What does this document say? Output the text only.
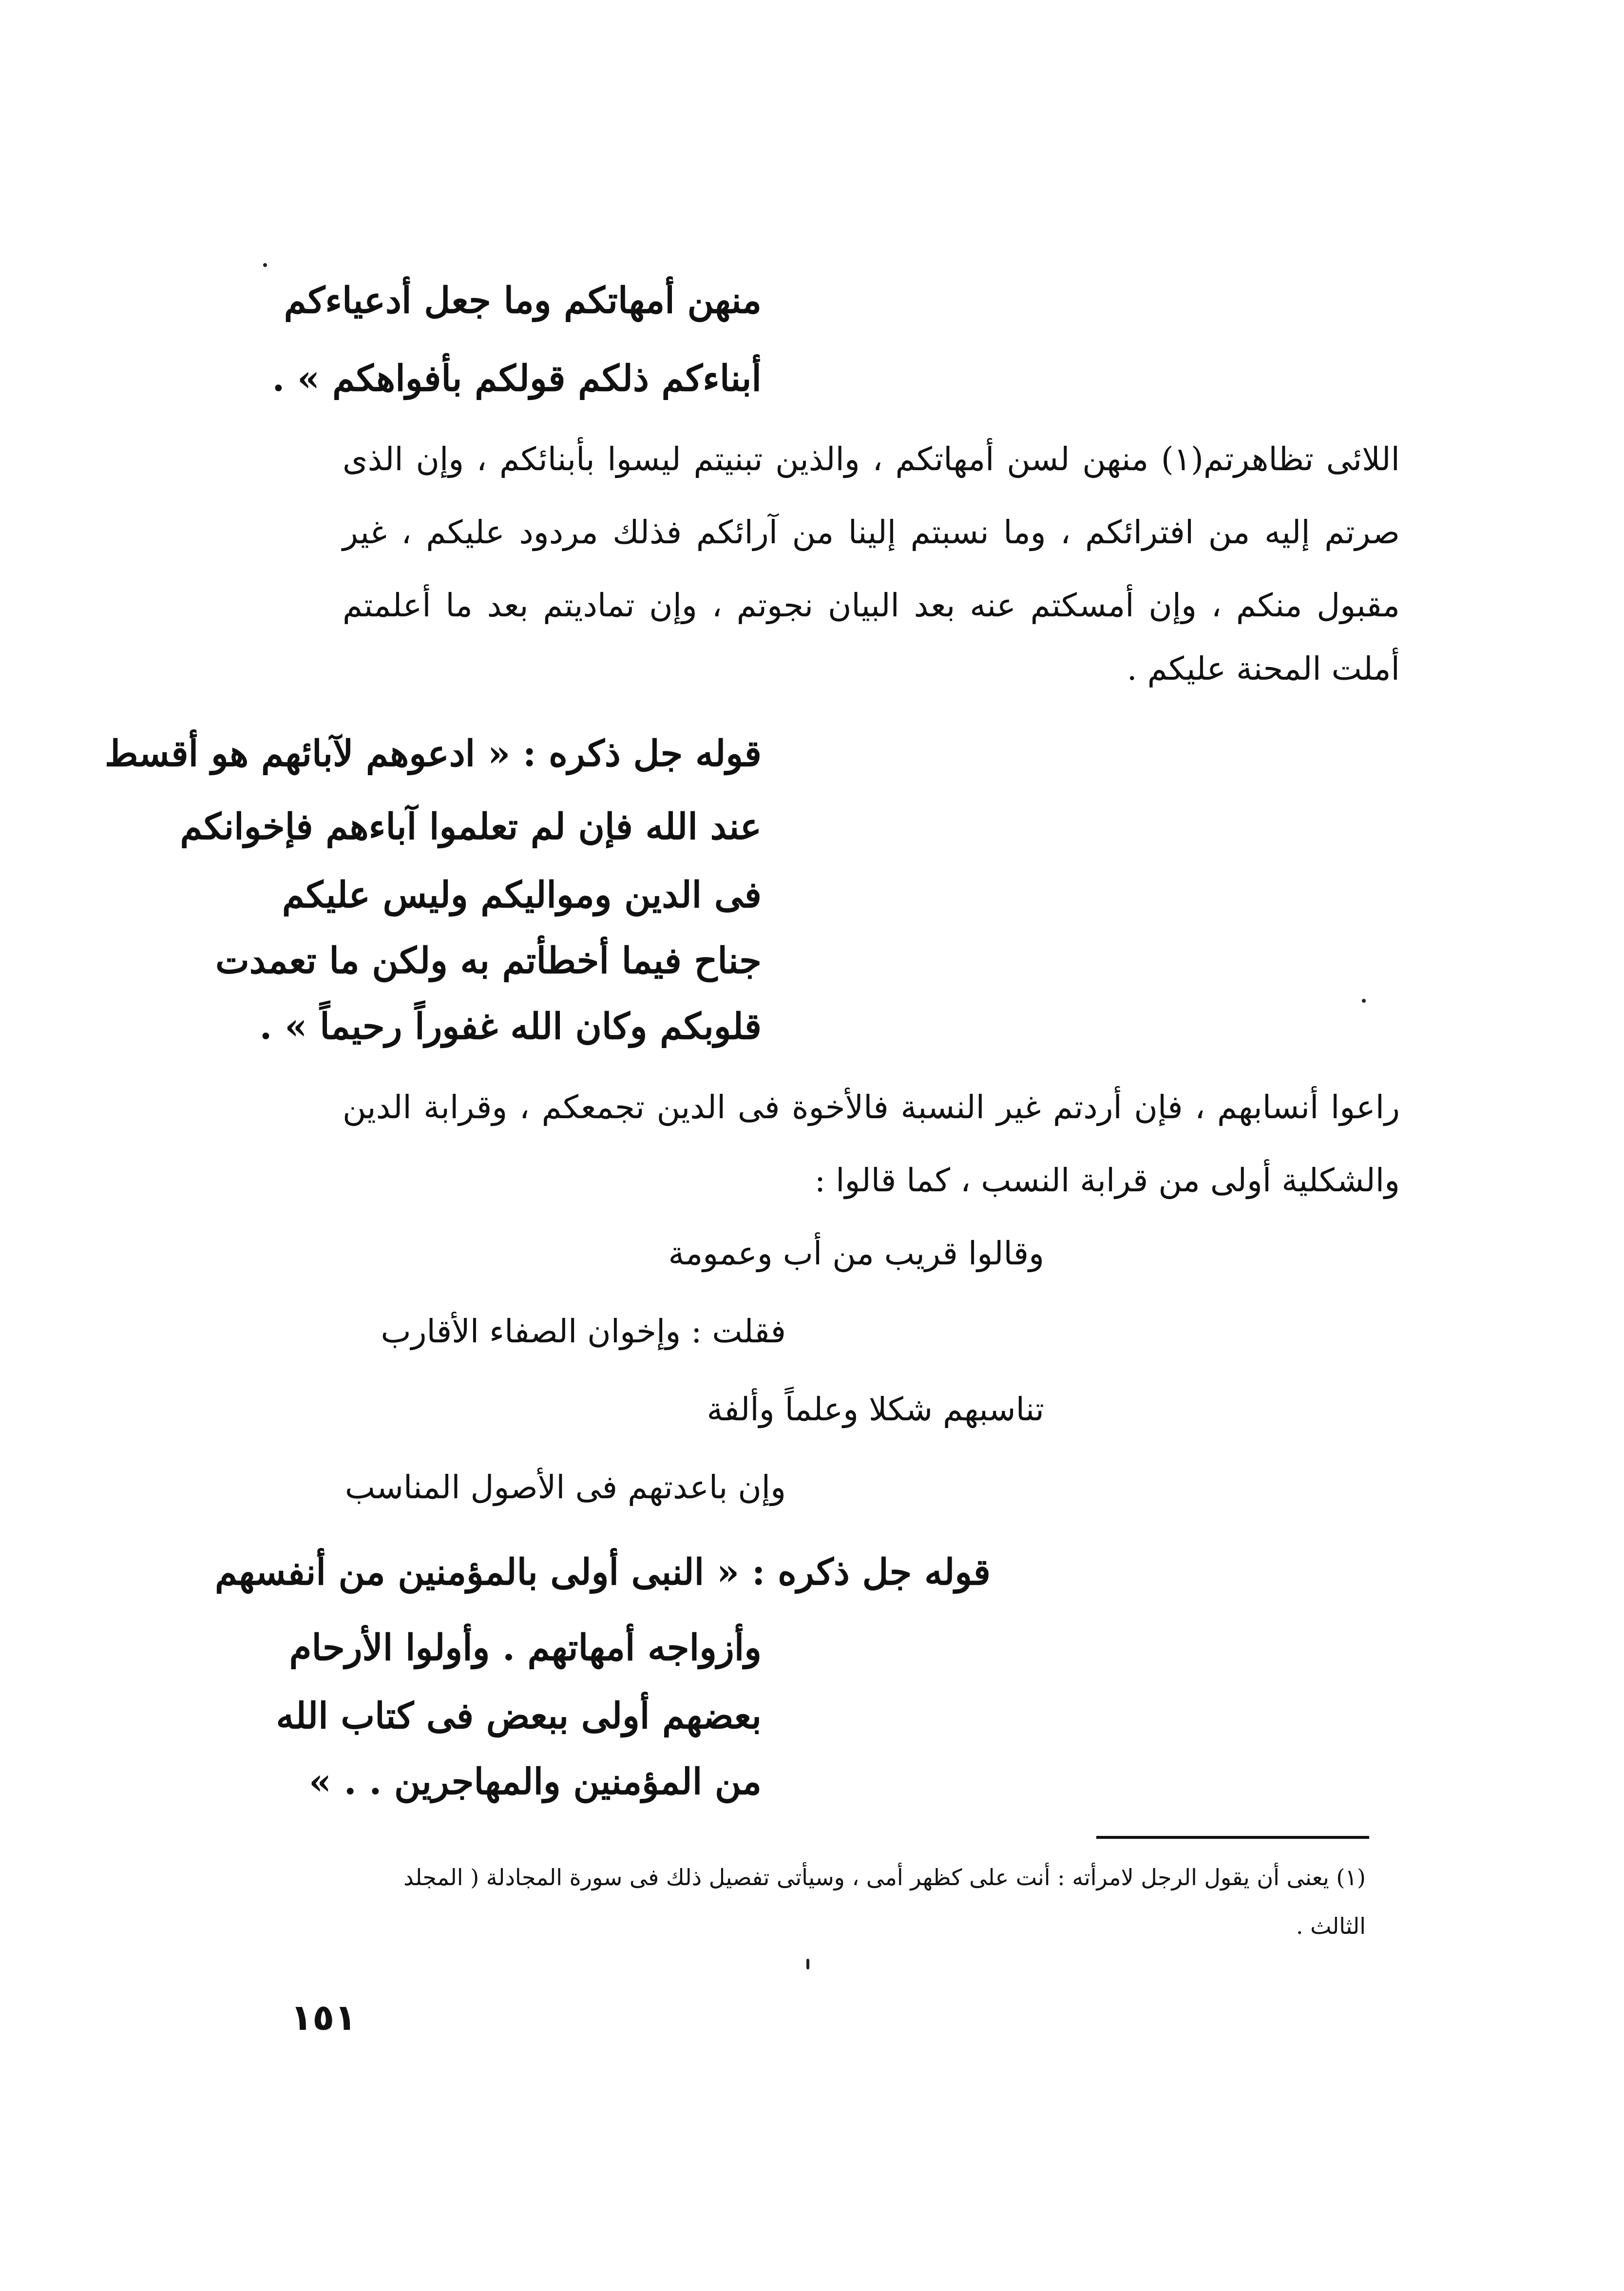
منهن أمهاتكم وما جعل أدعياءكم
أبناءكم ذلكم قولكم بأفواهكم » .
اللائى تظاهرتم(١) منهن لسن أمهاتكم ، والذين تبنيتم ليسوا بأبنائكم ، وإن الذى
صرتم إليه من افترائكم ، وما نسبتم إلينا من آرائكم فذلك مردود عليكم ، غير
مقبول منكم ، وإن أمسكتم عنه بعد البيان نجوتم ، وإن تماديتم بعد ما أعلمتم
أملت المحنة عليكم .
قوله جل ذكره : « ادعوهم لآبائهم هو أقسط
عند الله فإن لم تعلموا آباءهم فإخوانكم
فى الدين ومواليكم وليس عليكم
جناح فيما أخطأتم به ولكن ما تعمدت
قلوبكم وكان الله غفوراً رحيماً » .
راعوا أنسابهم ، فإن أردتم غير النسبة فالأخوة فى الدين تجمعكم ، وقرابة الدين
والشكلية أولى من قرابة النسب ، كما قالوا :
وقالوا قريب من أب وعمومة
فقلت : وإخوان الصفاء الأقارب
تناسبهم شكلا وعلماً وألفة
وإن باعدتهم فى الأصول المناسب
قوله جل ذكره : « النبى أولى بالمؤمنين من أنفسهم
وأزواجه أمهاتهم . وأولوا الأرحام
بعضهم أولى ببعض فى كتاب الله
من المؤمنين والمهاجرين . . »
(١) يعنى أن يقول الرجل لامرأته : أنت على كظهر أمى ، وسيأتى تفصيل ذلك فى سورة المجادلة ( المجلد
الثالث .
١٥١
